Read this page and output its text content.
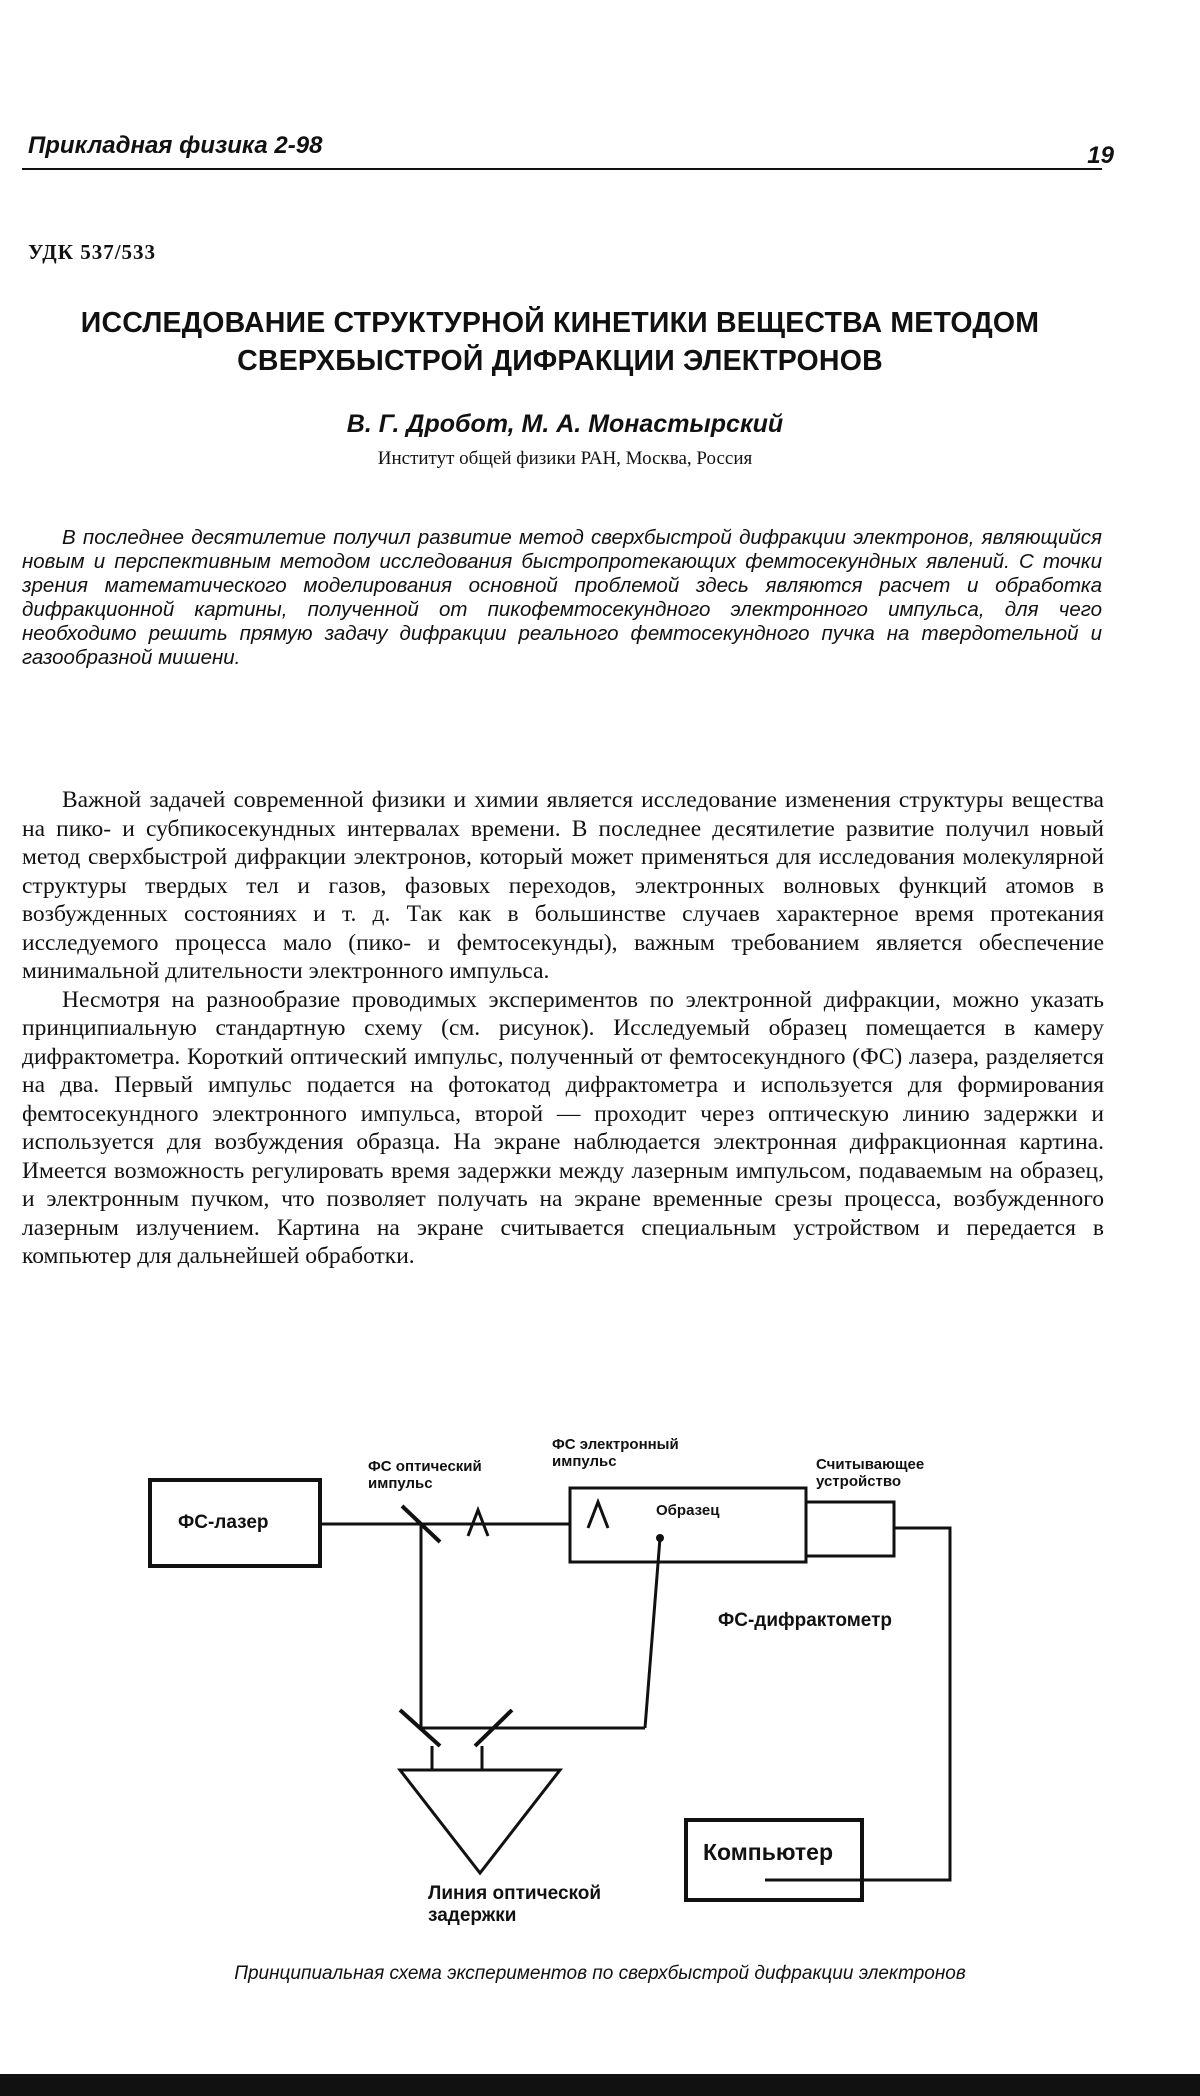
Прикладная физика 2-98	19
УДК 537/533
ИССЛЕДОВАНИЕ СТРУКТУРНОЙ КИНЕТИКИ ВЕЩЕСТВА МЕТОДОМ
СВЕРХБЫСТРОЙ ДИФРАКЦИИ ЭЛЕКТРОНОВ
В. Г. Дробот, М. А. Монастырский
Институт общей физики РАН, Москва, Россия

В последнее десятилетие получил развитие метод сверхбыстрой дифракции электронов, являющийся новым и перспективным методом исследования быстропротекающих фемтосекундных явлений. С точки зрения математического моделирования основной проблемой здесь являются расчет и обработка дифракционной картины, полученной от пикофемтосекундного электронного импульса, для чего необходимо решить прямую задачу дифракции реального фемтосекундного пучка на твердотельной и газообразной мишени.

Важной задачей современной физики и химии является исследование изменения структуры вещества на пико- и субпикосекундных интервалах времени. В последнее десятилетие развитие получил новый метод сверхбыстрой дифракции электронов, который может применяться для исследования молекулярной структуры твердых тел и газов, фазовых переходов, электронных волновых функций атомов в возбужденных состояниях и т. д. Так как в большинстве случаев характерное время протекания исследуемого процесса мало (пико- и фемтосекунды), важным требованием является обеспечение минимальной длительности электронного импульса.

Несмотря на разнообразие проводимых экспериментов по электронной дифракции, можно указать принципиальную стандартную схему (см. рисунок). Исследуемый образец помещается в камеру дифрактометра. Короткий оптический импульс, полученный от фемтосекундного (ФС) лазера, разделяется на два. Первый импульс подается на фотокатод дифрактометра и используется для формирования фемтосекундного электронного импульса, второй — проходит через оптическую линию задержки и используется для возбуждения образца. На экране наблюдается электронная дифракционная картина. Имеется возможность регулировать время задержки между лазерным импульсом, подаваемым на образец, и электронным пучком, что позволяет получать на экране временные срезы процесса, возбужденного лазерным излучением. Картина на экране считывается специальным устройством и передается в компьютер для дальнейшей обработки.

ФС-лазер
ФС оптический импульс
ФС электронный импульс
Образец
Считывающее устройство
ФС-дифрактометр
Компьютер
Линия оптической задержки
Принципиальная схема экспериментов по сверхбыстрой дифракции электронов
